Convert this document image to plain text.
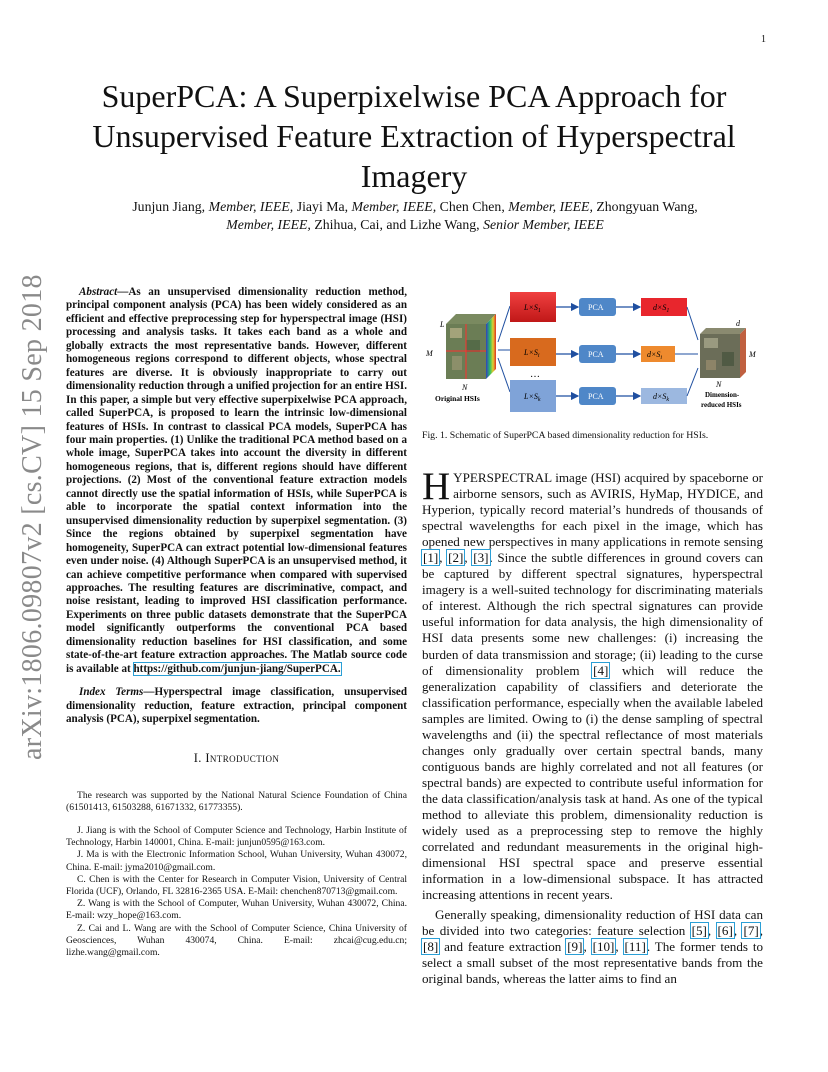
1
arXiv:1806.09807v2 [cs.CV] 15 Sep 2018
SuperPCA: A Superpixelwise PCA Approach for Unsupervised Feature Extraction of Hyperspectral Imagery
Junjun Jiang, Member, IEEE, Jiayi Ma, Member, IEEE, Chen Chen, Member, IEEE, Zhongyuan Wang, Member, IEEE, Zhihua, Cai, and Lizhe Wang, Senior Member, IEEE

Abstract—As an unsupervised dimensionality reduction method, principal component analysis (PCA) has been widely considered as an efficient and effective preprocessing step for hyperspectral image (HSI) processing and analysis tasks. It takes each band as a whole and globally extracts the most representative bands. However, different homogeneous regions correspond to different objects, whose spectral features are diverse. It is obviously inappropriate to carry out dimensionality reduction through a unified projection for an entire HSI. In this paper, a simple but very effective superpixelwise PCA approach, called SuperPCA, is proposed to learn the intrinsic low-dimensional features of HSIs. In contrast to classical PCA models, SuperPCA has four main properties. (1) Unlike the traditional PCA method based on a whole image, SuperPCA takes into account the diversity in different homogeneous regions, that is, different regions should have different projections. (2) Most of the conventional feature extraction models cannot directly use the spatial information of HSIs, while SuperPCA is able to incorporate the spatial context information into the unsupervised dimensionality reduction by superpixel segmentation. (3) Since the regions obtained by superpixel segmentation have homogeneity, SuperPCA can extract potential low-dimensional features even under noise. (4) Although SuperPCA is an unsupervised method, it can achieve competitive performance when compared with supervised approaches. The resulting features are discriminative, compact, and noise resistant, leading to improved HSI classification performance. Experiments on three public datasets demonstrate that the SuperPCA model significantly outperforms the conventional PCA based dimensionality reduction baselines for HSI classification, and some state-of-the-art feature extraction approaches. The Matlab source code is available at https://github.com/junjun-jiang/SuperPCA.

Index Terms—Hyperspectral image classification, unsupervised dimensionality reduction, feature extraction, principal component analysis (PCA), superpixel segmentation.

I. Introduction

The research was supported by the National Natural Science Foundation of China (61501413, 61503288, 61671332, 61773355).

J. Jiang is with the School of Computer Science and Technology, Harbin Institute of Technology, Harbin 140001, China. E-mail: junjun0595@163.com.

J. Ma is with the Electronic Information School, Wuhan University, Wuhan 430072, China. E-mail: jyma2010@gmail.com.

C. Chen is with the Center for Research in Computer Vision, University of Central Florida (UCF), Orlando, FL 32816-2365 USA. E-Mail: chenchen870713@gmail.com.

Z. Wang is with the School of Computer, Wuhan University, Wuhan 430072, China. E-mail: wzy_hope@163.com.

Z. Cai and L. Wang are with the School of Computer Science, China University of Geosciences, Wuhan 430074, China. E-mail: zhcai@cug.edu.cn; lizhe.wang@gmail.com.

L
M
N
Original HSIs
$L\times S_1$	PCA	$d\times S_1$
$L\times S_i$
…
PCA	$d\times S_i$
$L\times S_k$	PCA	$d\times S_k$
d
M
N
Dimension-
reduced HSIs

Fig. 1. Schematic of SuperPCA based dimensionality reduction for HSIs.

HYPERSPECTRAL image (HSI) acquired by spaceborne or airborne sensors, such as AVIRIS, HyMap, HYDICE, and Hyperion, typically record material’s hundreds of thousands of spectral wavelengths for each pixel in the image, which has opened new perspectives in many applications in remote sensing [1], [2], [3]. Since the subtle differences in ground covers can be captured by different spectral signatures, hyperspectral imagery is a well-suited technology for discriminating materials of interest. Although the rich spectral signatures can provide useful information for data analysis, the high dimensionality of HSI data presents some new challenges: (i) increasing the burden of data transmission and storage; (ii) leading to the curse of dimensionality problem [4] which will reduce the generalization capability of classifiers and deteriorate the classification performance, especially when the available labeled samples are limited. Owing to (i) the dense sampling of spectral wavelengths and (ii) the spectral reflectance of most materials changes only gradually over certain spectral bands, many contiguous bands are highly correlated and not all features (or spectral bands) are expected to contribute useful information for the data classification/analysis task at hand. As one of the typical method to alleviate this problem, dimensionality reduction is widely used as a preprocessing step to remove the highly correlated and redundant measurements in the original high-dimensional HSI spectral space and preserve essential information in a low-dimensional subspace. It has attracted increasing attentions in recent years.

Generally speaking, dimensionality reduction of HSI data can be divided into two categories: feature selection [5], [6], [7], [8] and feature extraction [9], [10], [11]. The former tends to select a small subset of the most representative bands from the original bands, whereas the latter aims to find an
